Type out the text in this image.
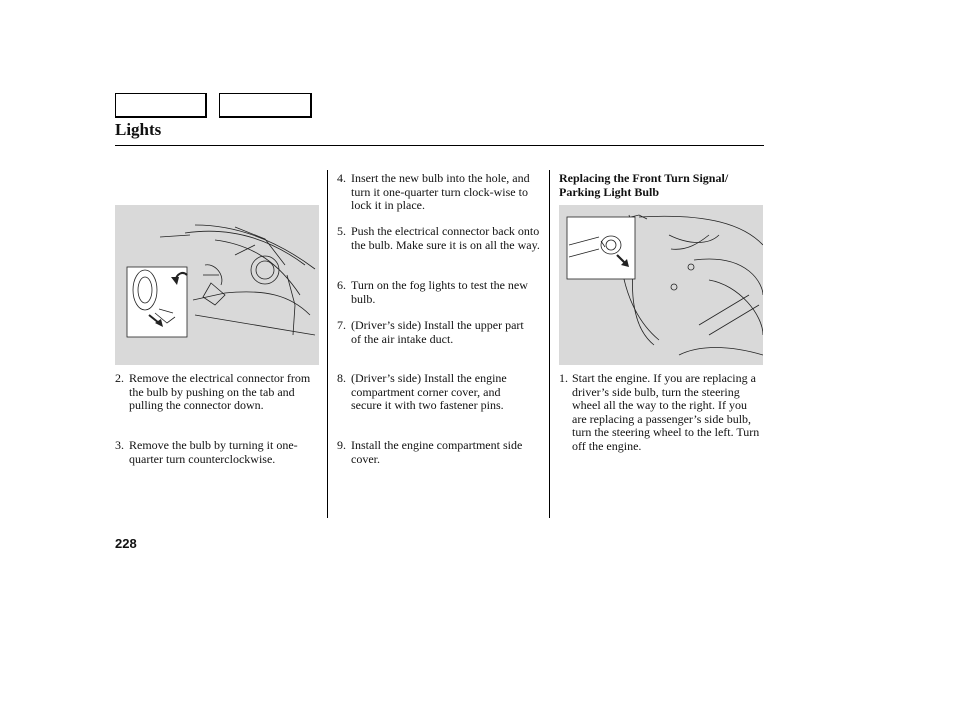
Lights
2. Remove the electrical connector from the bulb by pushing on the tab and pulling the connector down.
3. Remove the bulb by turning it one-quarter turn counterclockwise.
4. Insert the new bulb into the hole, and turn it one-quarter turn clock-wise to lock it in place.
5. Push the electrical connector back onto the bulb. Make sure it is on all the way.
6. Turn on the fog lights to test the new bulb.
7. (Driver’s side) Install the upper part of the air intake duct.
8. (Driver’s side) Install the engine compartment corner cover, and secure it with two fastener pins.
9. Install the engine compartment side cover.
Replacing the Front Turn Signal/ Parking Light Bulb
1. Start the engine. If you are replacing a driver’s side bulb, turn the steering wheel all the way to the right. If you are replacing a passenger’s side bulb, turn the steering wheel to the left. Turn off the engine.
228
